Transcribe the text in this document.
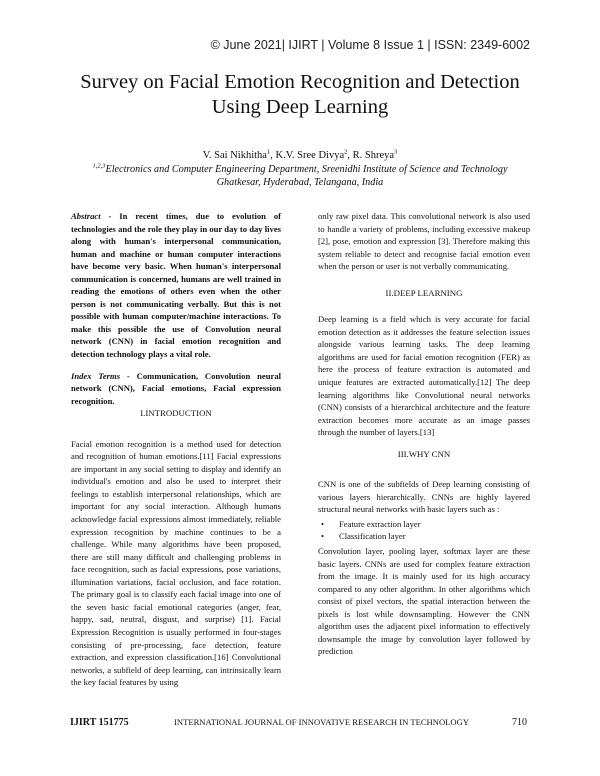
© June 2021| IJIRT | Volume 8 Issue 1 | ISSN: 2349-6002
Survey on Facial Emotion Recognition and Detection
Using Deep Learning
V. Sai Nikhitha$^1$, K.V. Sree Divya$^2$, R. Shreya$^3$
$^{1,2,3}$Electronics and Computer Engineering Department, Sreenidhi Institute of Science and Technology
Ghatkesar, Hyderabad, Telangana, India

Abstract - In recent times, due to evolution of technologies and the role they play in our day to day lives along with human's interpersonal communication, human and machine or human computer interactions have become very basic. When human's interpersonal communication is concerned, humans are well trained in reading the emotions of others even when the other person is not communicating verbally. But this is not possible with human computer/machine interactions. To make this possible the use of Convolution neural network (CNN) in facial emotion recognition and detection technology plays a vital role.

Index Terms - Communication, Convolution neural network (CNN), Facial emotions, Facial expression recognition.

I.INTRODUCTION

Facial emotion recognition is a method used for detection and recognition of human emotions.[11] Facial expressions are important in any social setting to display and identify an individual's emotion and also be used to interpret their feelings to establish interpersonal relationships, which are important for any social interaction. Although humans acknowledge facial expressions almost immediately, reliable expression recognition by machine continues to be a challenge. While many algorithms have been proposed, there are still many difficult and challenging problems in face recognition, such as facial expressions, pose variations, illumination variations, facial occlusion, and face rotation. The primary goal is to classify each facial image into one of the seven basic facial emotional categories (anger, fear, happy, sad, neutral, disgust, and surprise) [1]. Facial Expression Recognition is usually performed in four-stages consisting of pre-processing, face detection, feature extraction, and expression classification.[16] Convolutional networks, a subfield of deep learning, can intrinsically learn the key facial features by using

only raw pixel data. This convolutional network is also used to handle a variety of problems, including excessive makeup [2], pose, emotion and expression [3]. Therefore making this system reliable to detect and recognise facial emotion even when the person or user is not verbally communicating.

II.DEEP LEARNING

Deep learning is a field which is very accurate for facial emotion detection as it addresses the feature selection issues alongside various learning tasks. The deep learning algorithms are used for facial emotion recognition (FER) as here the process of feature extraction is automated and unique features are extracted automatically.[12] The deep learning algorithms like Convolutional neural networks (CNN) consists of a hierarchical architecture and the feature extraction becomes more accurate as an image passes through the number of layers.[13]

III.WHY CNN

CNN is one of the subfields of Deep learning consisting of various layers hierarchically. CNNs are highly layered structural neural networks with basic layers such as :

• Feature extraction layer
• Classification layer

Convolution layer, pooling layer, softmax layer are these basic layers. CNNs are used for complex feature extraction from the image. It is mainly used for its high accuracy compared to any other algorithm. In other algorithms which consist of pixel vectors, the spatial interaction between the pixels is lost while downsampling. However the CNN algorithm uses the adjacent pixel information to effectively downsample the image by convolution layer followed by prediction

IJIRT 151775	INTERNATIONAL JOURNAL OF INNOVATIVE RESEARCH IN TECHNOLOGY	710
